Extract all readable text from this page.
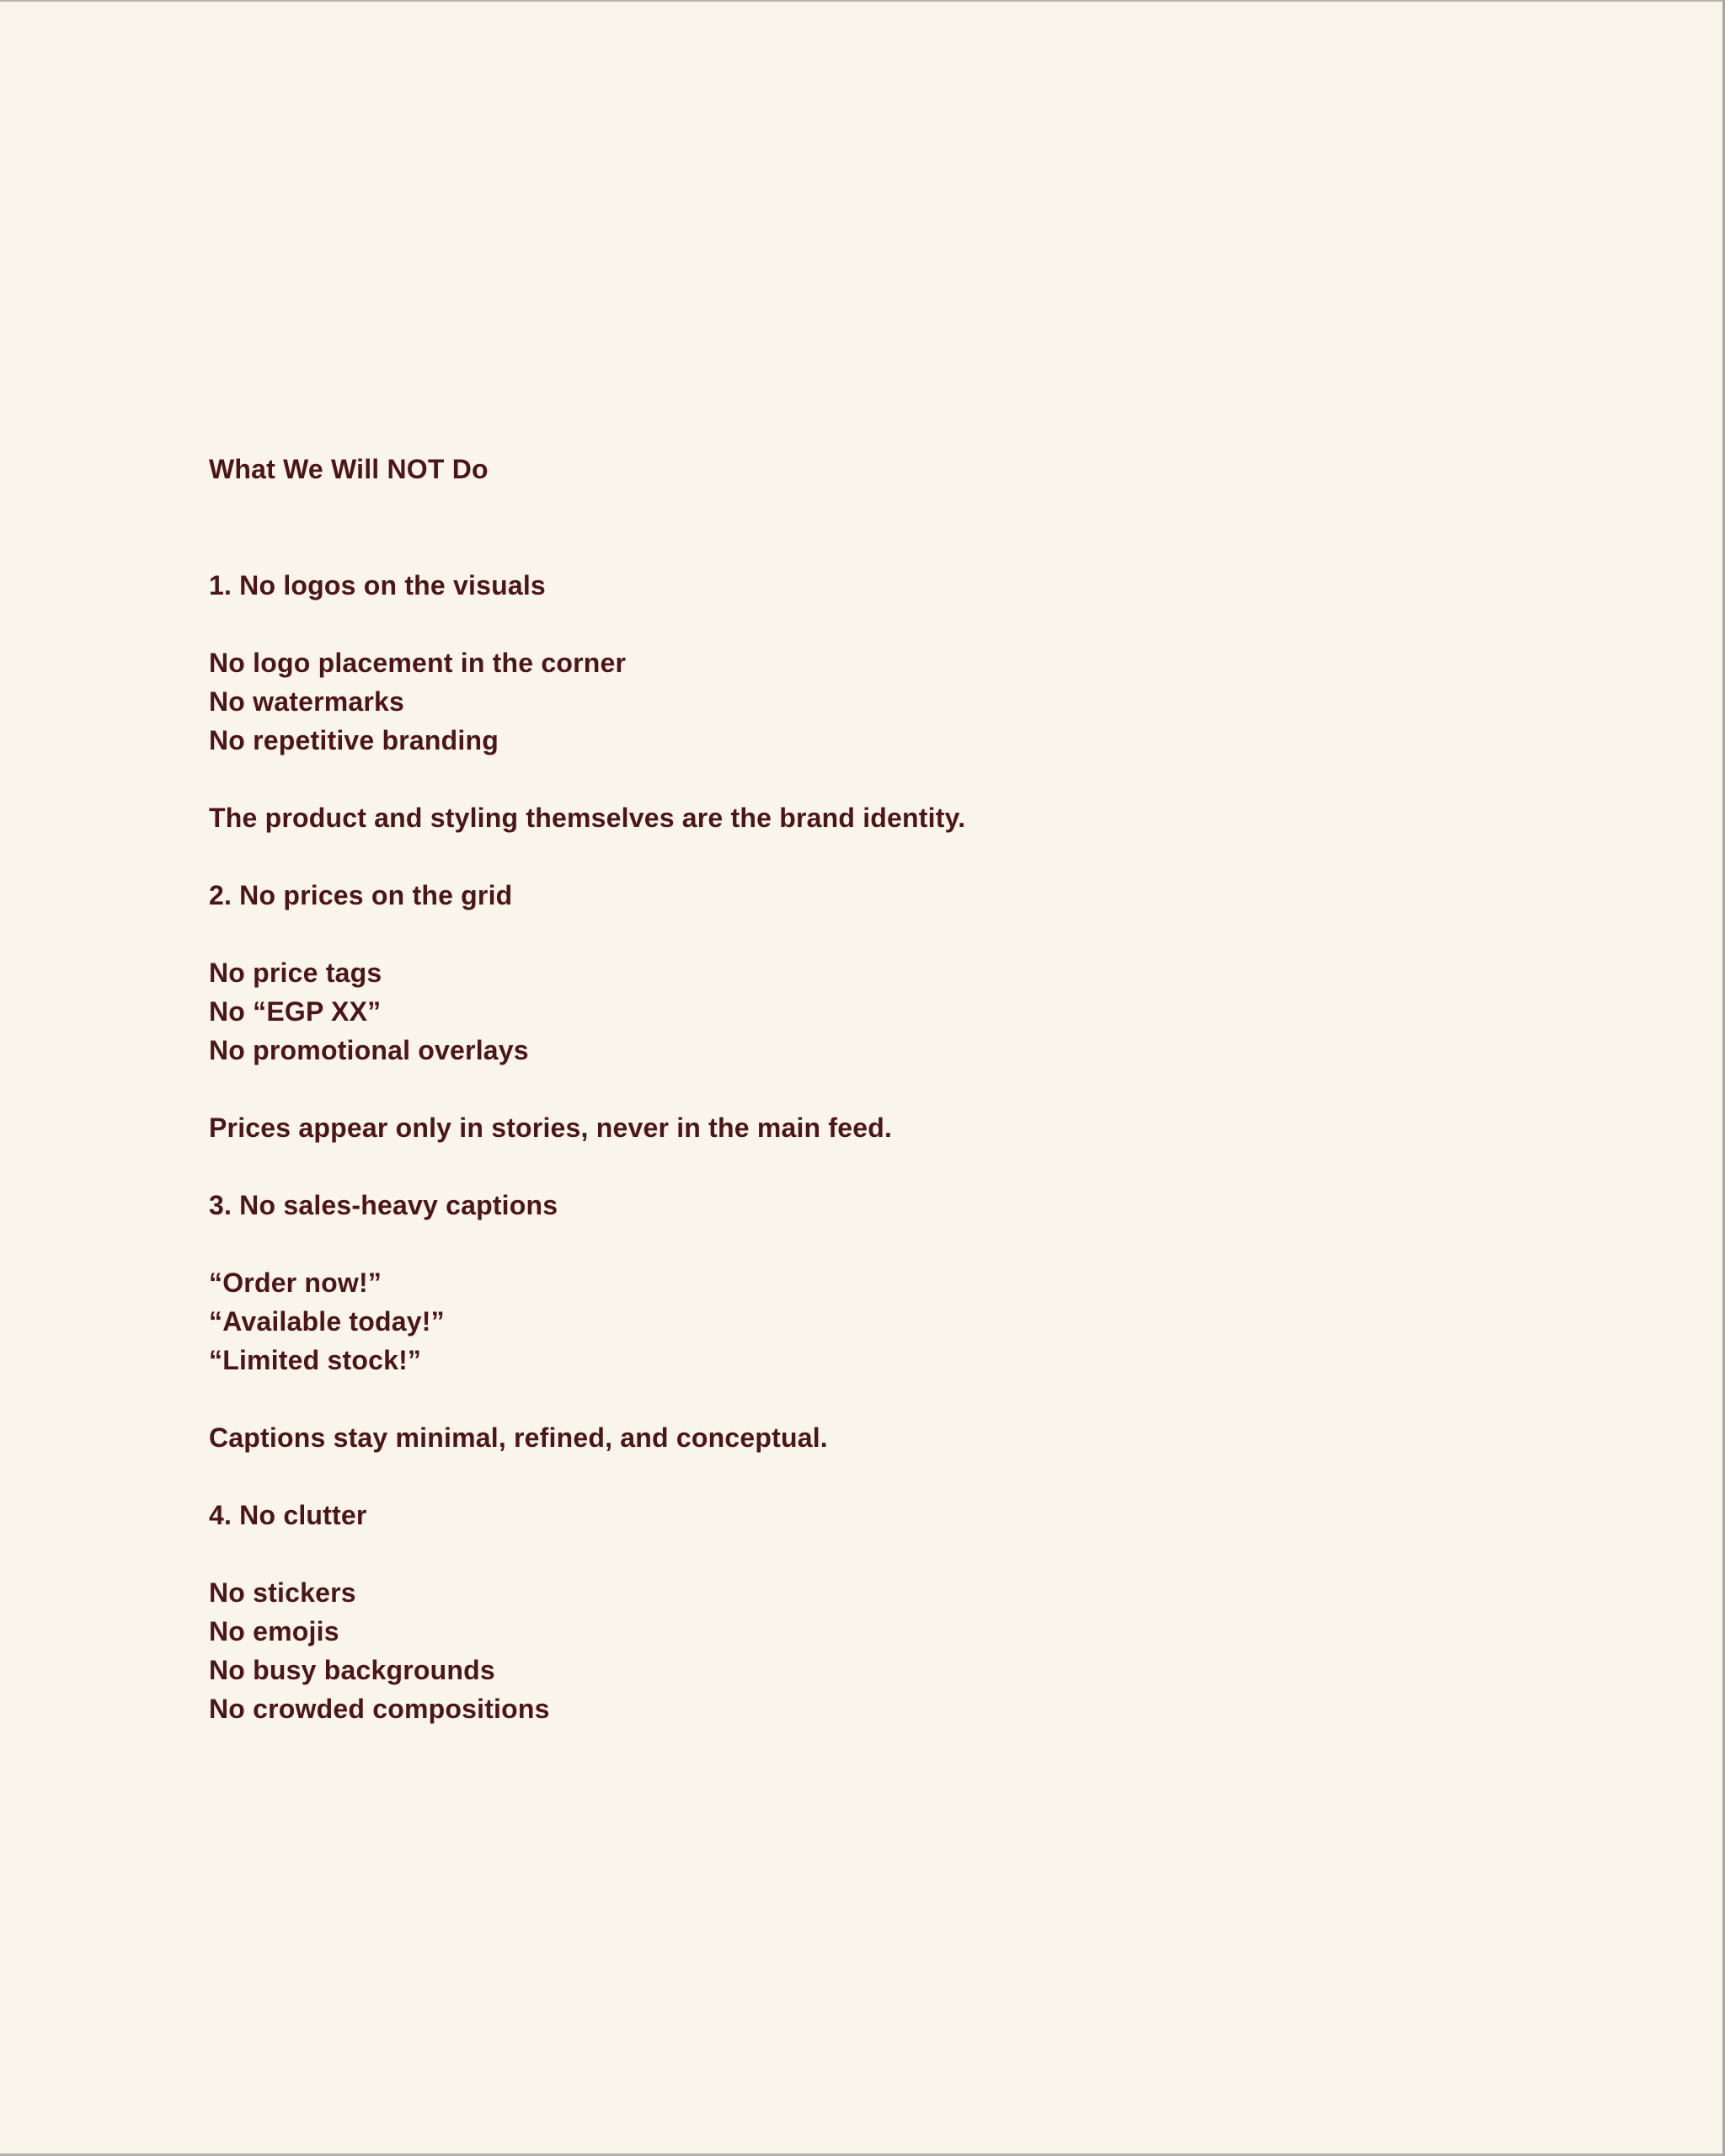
What We Will NOT Do
1. No logos on the visuals

No logo placement in the corner

No watermarks

No repetitive branding

The product and styling themselves are the brand identity.

2. No prices on the grid

No price tags

No “EGP XX”

No promotional overlays

Prices appear only in stories, never in the main feed.

3. No sales-heavy captions

“Order now!”

“Available today!”

“Limited stock!”

Captions stay minimal, refined, and conceptual.

4. No clutter

No stickers

No emojis

No busy backgrounds

No crowded compositions
